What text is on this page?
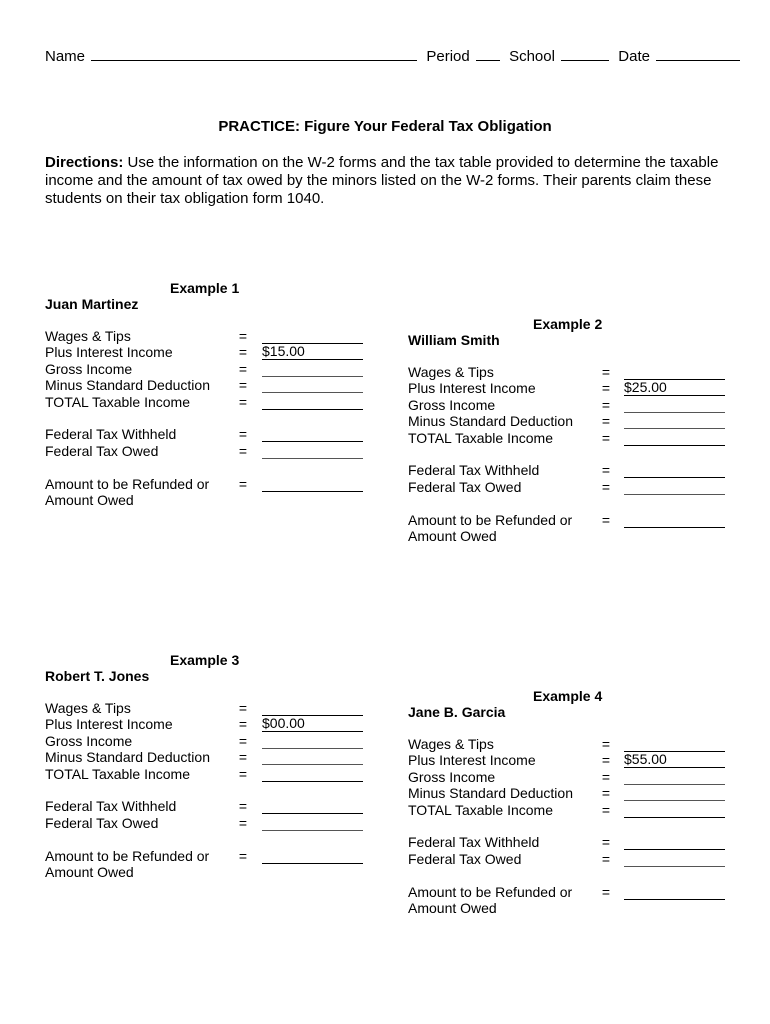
Name	Period	School	Date
PRACTICE: Figure Your Federal Tax Obligation
Directions: Use the information on the W-2 forms and the tax table provided to determine the taxable income and the amount of tax owed by the minors listed on the W-2 forms. Their parents claim these students on their tax obligation form 1040.
Example 1
Juan Martinez
Wages & Tips	=
Plus Interest Income	= $15.00
Gross Income	=
Minus Standard Deduction =
TOTAL Taxable Income	=
Federal Tax Withheld	=
Federal Tax Owed	=
Amount to be Refunded or
Amount Owed
=
Example 2
William Smith
Wages & Tips	=
Plus Interest Income	= $25.00
Gross Income	=
Minus Standard Deduction =
TOTAL Taxable Income	=
Federal Tax Withheld	=
Federal Tax Owed	=
Amount to be Refunded or
Amount Owed
=
Example 3
Robert T. Jones
Wages & Tips	=
Plus Interest Income	= $00.00
Gross Income	=
Minus Standard Deduction =
TOTAL Taxable Income	=
Federal Tax Withheld	=
Federal Tax Owed	=
Amount to be Refunded or
Amount Owed
=
Example 4
Jane B. Garcia
Wages & Tips	=
Plus Interest Income	= $55.00
Gross Income	=
Minus Standard Deduction =
TOTAL Taxable Income	=
Federal Tax Withheld	=
Federal Tax Owed	=
Amount to be Refunded or
Amount Owed
=
